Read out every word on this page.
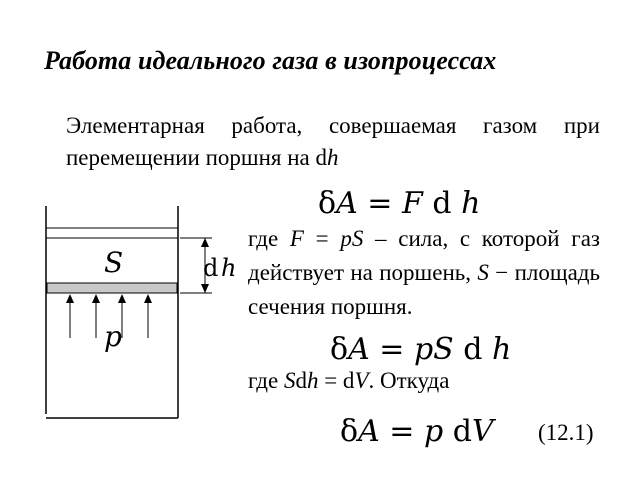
Работа идеального газа в изопроцессах
Элементарная работа, совершаемая газом при перемещении поршня на dh
δA = F d h
где F = pS – сила, с которой газ действует на поршень, S − площадь сечения поршня.
δA = pS d h
где Sdh = dV. Откуда
δA = p dV (12.1)
S
p
d h
